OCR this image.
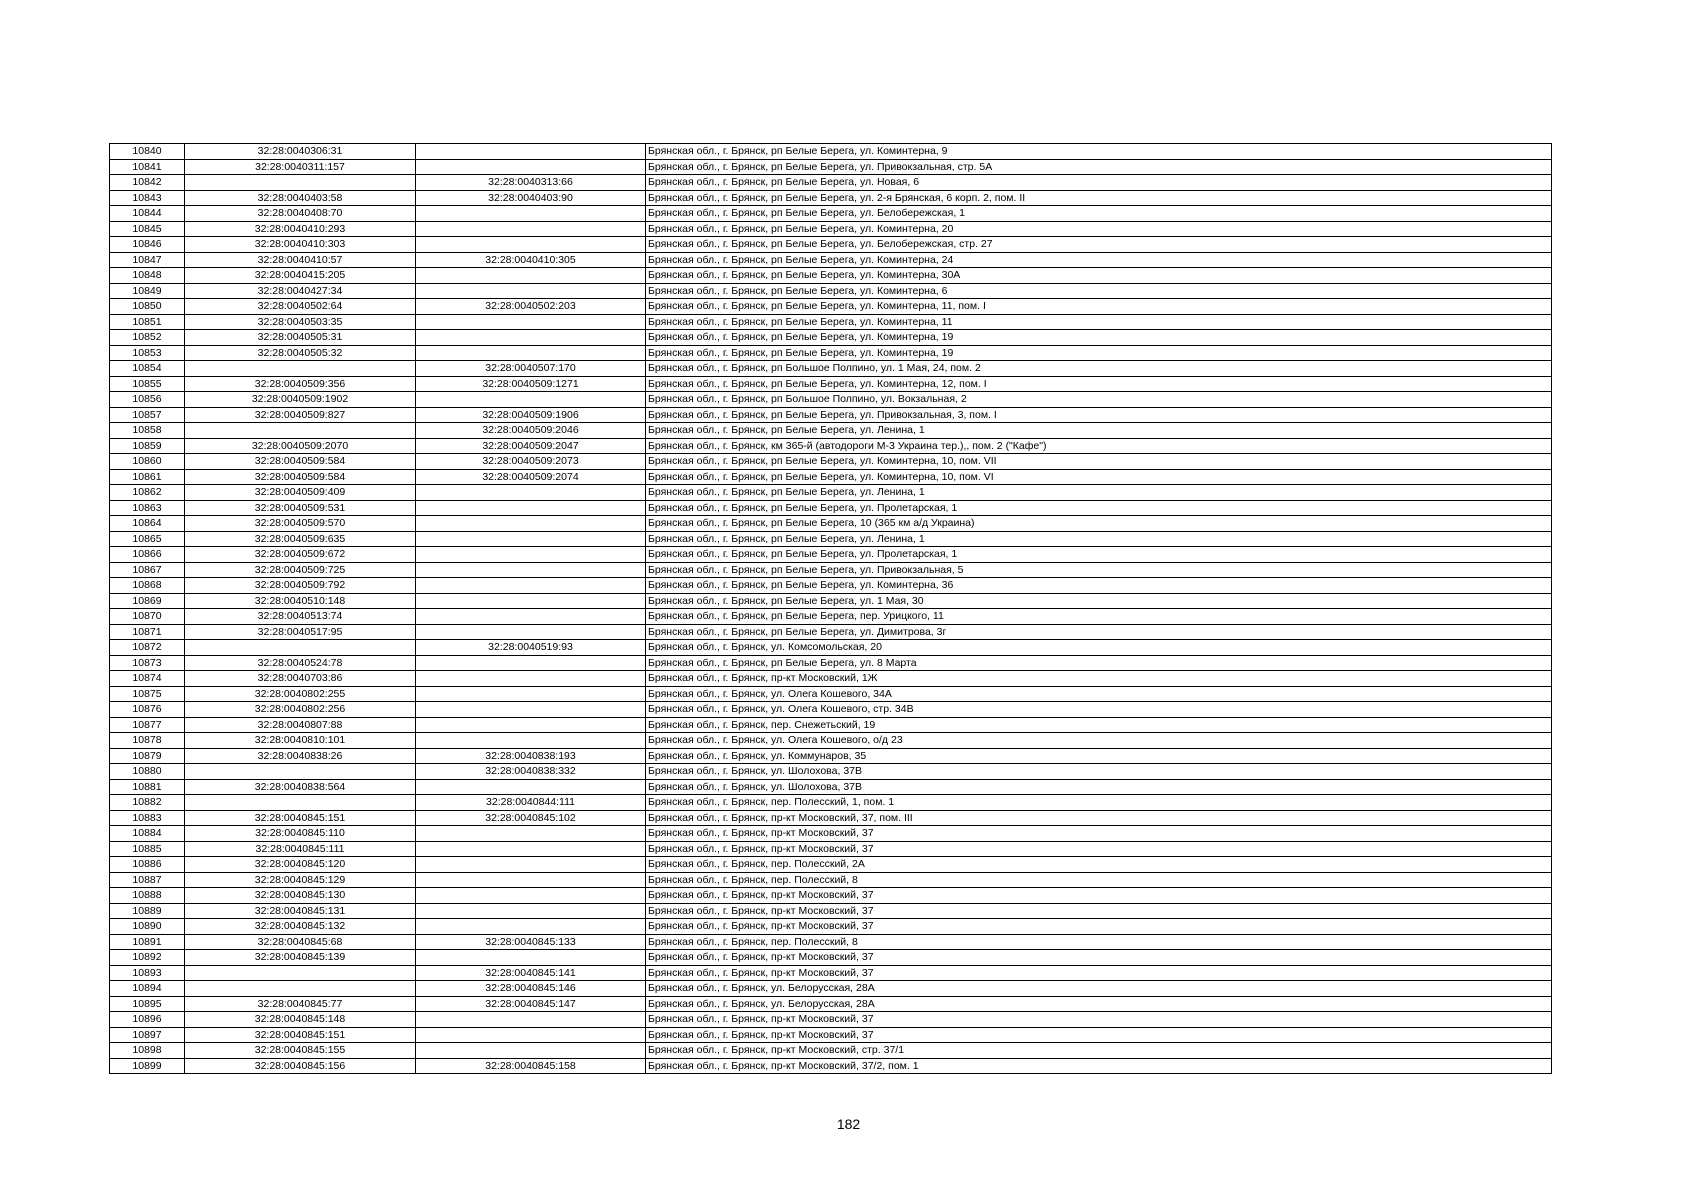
10840	32:28:0040306:31		Брянская обл., г. Брянск, рп Белые Берега, ул. Коминтерна, 9
10841	32:28:0040311:157		Брянская обл., г. Брянск, рп Белые Берега, ул. Привокзальная, стр. 5А
10842		32:28:0040313:66	Брянская обл., г. Брянск, рп Белые Берега, ул. Новая, 6
10843	32:28:0040403:58	32:28:0040403:90	Брянская обл., г. Брянск, рп Белые Берега, ул. 2-я Брянская, 6 корп. 2, пом. II
10844	32:28:0040408:70		Брянская обл., г. Брянск, рп Белые Берега, ул. Белобережская, 1
10845	32:28:0040410:293		Брянская обл., г. Брянск, рп Белые Берега, ул. Коминтерна, 20
10846	32:28:0040410:303		Брянская обл., г. Брянск, рп Белые Берега, ул. Белобережская, стр. 27
10847	32:28:0040410:57	32:28:0040410:305	Брянская обл., г. Брянск, рп Белые Берега, ул. Коминтерна, 24
10848	32:28:0040415:205		Брянская обл., г. Брянск, рп Белые Берега, ул. Коминтерна, 30А
10849	32:28:0040427:34		Брянская обл., г. Брянск, рп Белые Берега, ул. Коминтерна, 6
10850	32:28:0040502:64	32:28:0040502:203	Брянская обл., г. Брянск, рп Белые Берега, ул. Коминтерна, 11, пом. I
10851	32:28:0040503:35		Брянская обл., г. Брянск, рп Белые Берега, ул. Коминтерна, 11
10852	32:28:0040505:31		Брянская обл., г. Брянск, рп Белые Берега, ул. Коминтерна, 19
10853	32:28:0040505:32		Брянская обл., г. Брянск, рп Белые Берега, ул. Коминтерна, 19
10854		32:28:0040507:170	Брянская обл., г. Брянск, рп Большое Полпино, ул. 1 Мая, 24, пом. 2
10855	32:28:0040509:356	32:28:0040509:1271	Брянская обл., г. Брянск, рп Белые Берега, ул. Коминтерна, 12, пом. I
10856	32:28:0040509:1902		Брянская обл., г. Брянск, рп Большое Полпино, ул. Вокзальная, 2
10857	32:28:0040509:827	32:28:0040509:1906	Брянская обл., г. Брянск, рп Белые Берега, ул. Привокзальная, 3, пом. I
10858		32:28:0040509:2046	Брянская обл., г. Брянск, рп Белые Берега, ул. Ленина, 1
10859	32:28:0040509:2070	32:28:0040509:2047	Брянская обл., г. Брянск, км 365-й (автодороги М-3 Украина тер.),, пом. 2 ("Кафе")
10860	32:28:0040509:584	32:28:0040509:2073	Брянская обл., г. Брянск, рп Белые Берега, ул. Коминтерна, 10, пом. VII
10861	32:28:0040509:584	32:28:0040509:2074	Брянская обл., г. Брянск, рп Белые Берега, ул. Коминтерна, 10, пом. VI
10862	32:28:0040509:409		Брянская обл., г. Брянск, рп Белые Берега, ул. Ленина, 1
10863	32:28:0040509:531		Брянская обл., г. Брянск, рп Белые Берега, ул. Пролетарская, 1
10864	32:28:0040509:570		Брянская обл., г. Брянск, рп Белые Берега, 10 (365 км а/д Украина)
10865	32:28:0040509:635		Брянская обл., г. Брянск, рп Белые Берега, ул. Ленина, 1
10866	32:28:0040509:672		Брянская обл., г. Брянск, рп Белые Берега, ул. Пролетарская, 1
10867	32:28:0040509:725		Брянская обл., г. Брянск, рп Белые Берега, ул. Привокзальная, 5
10868	32:28:0040509:792		Брянская обл., г. Брянск, рп Белые Берега, ул. Коминтерна, 36
10869	32:28:0040510:148		Брянская обл., г. Брянск, рп Белые Берега, ул. 1 Мая, 30
10870	32:28:0040513:74		Брянская обл., г. Брянск, рп Белые Берега, пер. Урицкого, 11
10871	32:28:0040517:95		Брянская обл., г. Брянск, рп Белые Берега, ул. Димитрова, 3г
10872		32:28:0040519:93	Брянская обл., г. Брянск, ул. Комсомольская, 20
10873	32:28:0040524:78		Брянская обл., г. Брянск, рп Белые Берега, ул. 8 Марта
10874	32:28:0040703:86		Брянская обл., г. Брянск, пр-кт Московский, 1Ж
10875	32:28:0040802:255		Брянская обл., г. Брянск, ул. Олега Кошевого, 34А
10876	32:28:0040802:256		Брянская обл., г. Брянск, ул. Олега Кошевого, стр. 34В
10877	32:28:0040807:88		Брянская обл., г. Брянск, пер. Снежетьский, 19
10878	32:28:0040810:101		Брянская обл., г. Брянск, ул. Олега Кошевого, о/д 23
10879	32:28:0040838:26	32:28:0040838:193	Брянская обл., г. Брянск, ул. Коммунаров, 35
10880		32:28:0040838:332	Брянская обл., г. Брянск, ул. Шолохова, 37В
10881	32:28:0040838:564		Брянская обл., г. Брянск, ул. Шолохова, 37В
10882		32:28:0040844:111	Брянская обл., г. Брянск, пер. Полесский, 1, пом. 1
10883	32:28:0040845:151	32:28:0040845:102	Брянская обл., г. Брянск, пр-кт Московский, 37, пом. III
10884	32:28:0040845:110		Брянская обл., г. Брянск, пр-кт Московский, 37
10885	32:28:0040845:111		Брянская обл., г. Брянск, пр-кт Московский, 37
10886	32:28:0040845:120		Брянская обл., г. Брянск, пер. Полесский, 2А
10887	32:28:0040845:129		Брянская обл., г. Брянск, пер. Полесский, 8
10888	32:28:0040845:130		Брянская обл., г. Брянск, пр-кт Московский, 37
10889	32:28:0040845:131		Брянская обл., г. Брянск, пр-кт Московский, 37
10890	32:28:0040845:132		Брянская обл., г. Брянск, пр-кт Московский, 37
10891	32:28:0040845:68	32:28:0040845:133	Брянская обл., г. Брянск, пер. Полесский, 8
10892	32:28:0040845:139		Брянская обл., г. Брянск, пр-кт Московский, 37
10893		32:28:0040845:141	Брянская обл., г. Брянск, пр-кт Московский, 37
10894		32:28:0040845:146	Брянская обл., г. Брянск, ул. Белорусская, 28А
10895	32:28:0040845:77	32:28:0040845:147	Брянская обл., г. Брянск, ул. Белорусская, 28А
10896	32:28:0040845:148		Брянская обл., г. Брянск, пр-кт Московский, 37
10897	32:28:0040845:151		Брянская обл., г. Брянск, пр-кт Московский, 37
10898	32:28:0040845:155		Брянская обл., г. Брянск, пр-кт Московский, стр. 37/1
10899	32:28:0040845:156	32:28:0040845:158	Брянская обл., г. Брянск, пр-кт Московский, 37/2, пом. 1
182
